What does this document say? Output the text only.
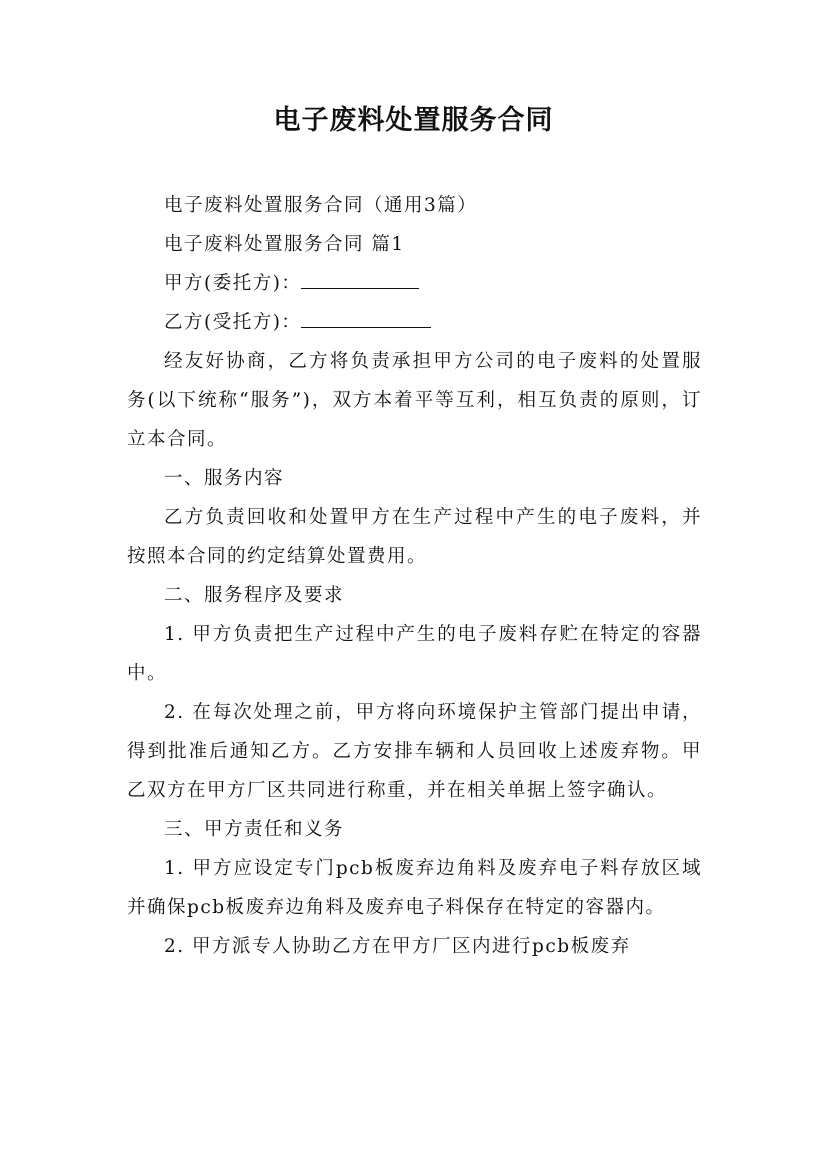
电子废料处置服务合同

电子废料处置服务合同（通用3篇）

电子废料处置服务合同 篇1

甲方(委托方)：

乙方(受托方)：

经友好协商，乙方将负责承担甲方公司的电子废料的处置服务(以下统称“服务”)，双方本着平等互利，相互负责的原则，订立本合同。

一、服务内容

乙方负责回收和处置甲方在生产过程中产生的电子废料，并按照本合同的约定结算处置费用。

二、服务程序及要求

1. 甲方负责把生产过程中产生的电子废料存贮在特定的容器中。

2. 在每次处理之前，甲方将向环境保护主管部门提出申请，得到批准后通知乙方。乙方安排车辆和人员回收上述废弃物。甲乙双方在甲方厂区共同进行称重，并在相关单据上签字确认。

三、甲方责任和义务

1. 甲方应设定专门pcb板废弃边角料及废弃电子料存放区域并确保pcb板废弃边角料及废弃电子料保存在特定的容器内。

2. 甲方派专人协助乙方在甲方厂区内进行pcb板废弃
